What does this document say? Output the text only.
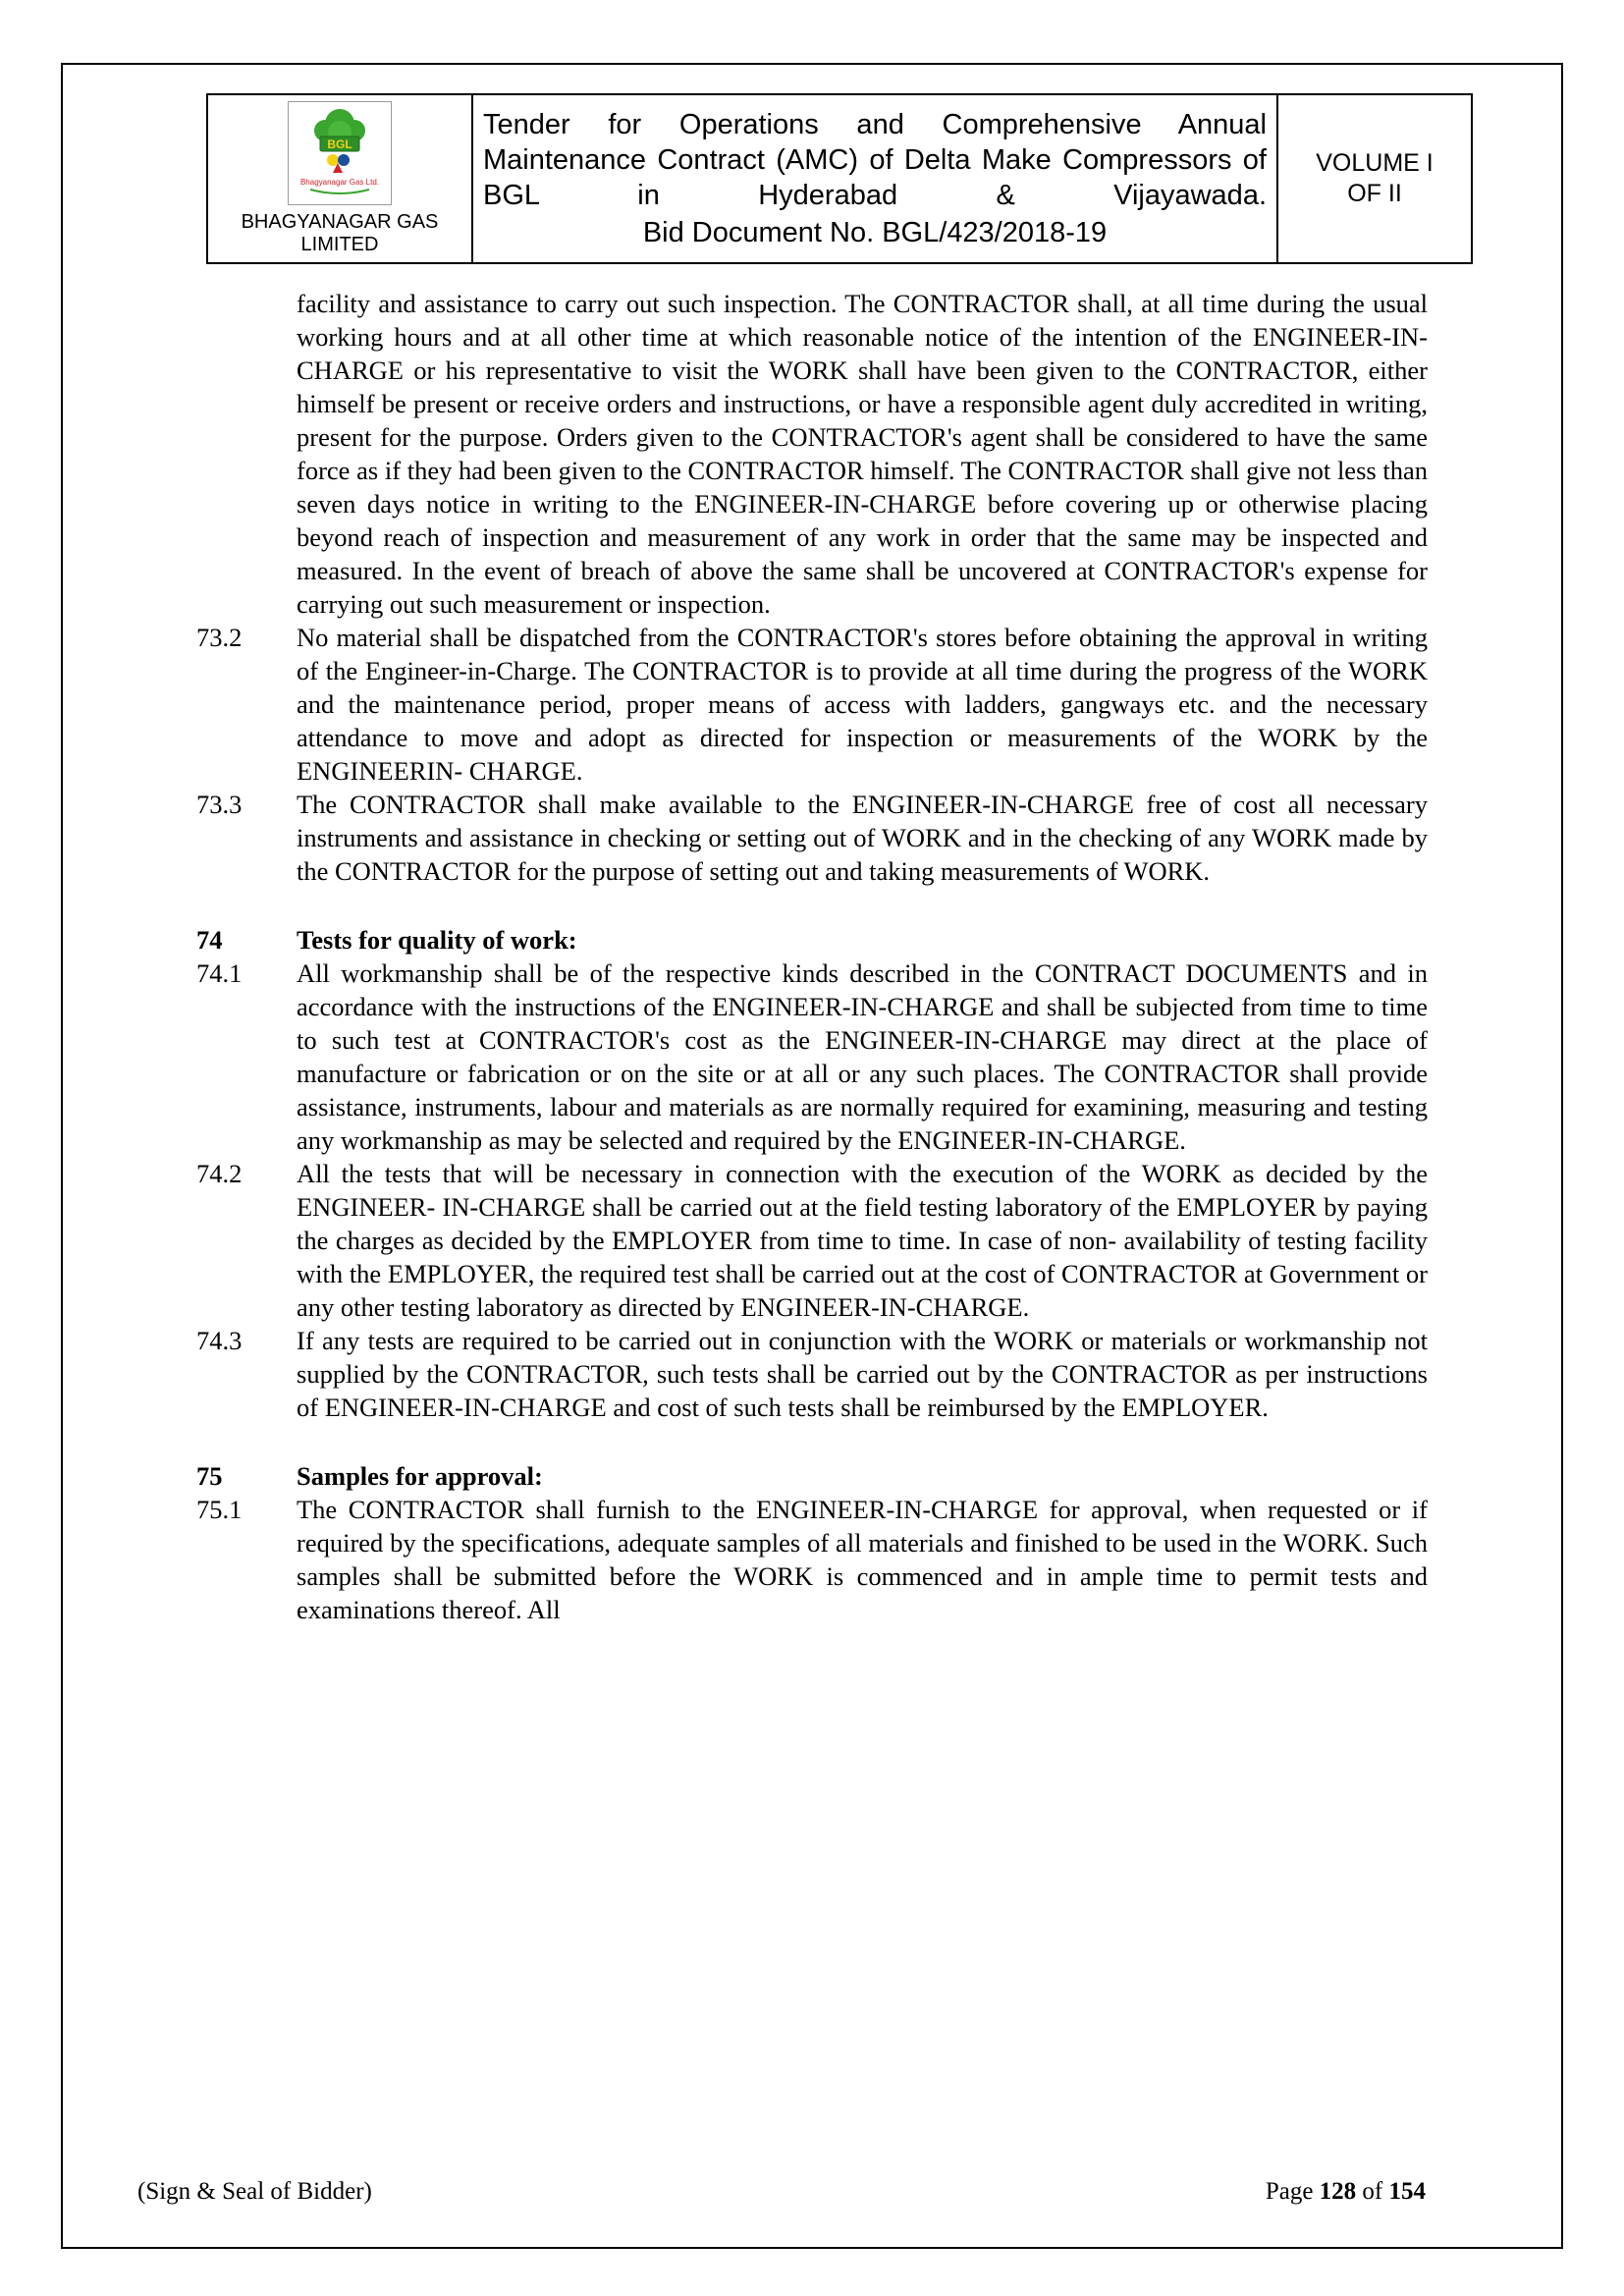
BGL
Bhagyanagar Gas Ltd.
BHAGYANAGAR GAS
LIMITED

Tender for Operations and Comprehensive Annual Maintenance Contract (AMC) of Delta Make Compressors of BGL in Hyderabad & Vijayawada.
Bid Document No. BGL/423/2018-19

VOLUME I
OF II
facility and assistance to carry out such inspection. The CONTRACTOR shall, at all time during the usual working hours and at all other time at which reasonable notice of the intention of the ENGINEER-IN- CHARGE or his representative to visit the WORK shall have been given to the CONTRACTOR, either himself be present or receive orders and instructions, or have a responsible agent duly accredited in writing, present for the purpose. Orders given to the CONTRACTOR's agent shall be considered to have the same force as if they had been given to the CONTRACTOR himself. The CONTRACTOR shall give not less than seven days notice in writing to the ENGINEER-IN-CHARGE before covering up or otherwise placing beyond reach of inspection and measurement of any work in order that the same may be inspected and measured. In the event of breach of above the same shall be uncovered at CONTRACTOR's expense for carrying out such measurement or inspection.
73.2	No material shall be dispatched from the CONTRACTOR's stores before obtaining the approval in writing of the Engineer-in-Charge. The CONTRACTOR is to provide at all time during the progress of the WORK and the maintenance period, proper means of access with ladders, gangways etc. and the necessary attendance to move and adopt as directed for inspection or measurements of the WORK by the ENGINEERIN- CHARGE.
73.3	The CONTRACTOR shall make available to the ENGINEER-IN-CHARGE free of cost all necessary instruments and assistance in checking or setting out of WORK and in the checking of any WORK made by the CONTRACTOR for the purpose of setting out and taking measurements of WORK.
74	Tests for quality of work:
74.1	All workmanship shall be of the respective kinds described in the CONTRACT DOCUMENTS and in accordance with the instructions of the ENGINEER-IN-CHARGE and shall be subjected from time to time to such test at CONTRACTOR's cost as the ENGINEER-IN-CHARGE may direct at the place of manufacture or fabrication or on the site or at all or any such places. The CONTRACTOR shall provide assistance, instruments, labour and materials as are normally required for examining, measuring and testing any workmanship as may be selected and required by the ENGINEER-IN-CHARGE.
74.2	All the tests that will be necessary in connection with the execution of the WORK as decided by the ENGINEER- IN-CHARGE shall be carried out at the field testing laboratory of the EMPLOYER by paying the charges as decided by the EMPLOYER from time to time. In case of non- availability of testing facility with the EMPLOYER, the required test shall be carried out at the cost of CONTRACTOR at Government or any other testing laboratory as directed by ENGINEER-IN-CHARGE.
74.3	If any tests are required to be carried out in conjunction with the WORK or materials or workmanship not supplied by the CONTRACTOR, such tests shall be carried out by the CONTRACTOR as per instructions of ENGINEER-IN-CHARGE and cost of such tests shall be reimbursed by the EMPLOYER.
75	Samples for approval:
75.1	The CONTRACTOR shall furnish to the ENGINEER-IN-CHARGE for approval, when requested or if required by the specifications, adequate samples of all materials and finished to be used in the WORK. Such samples shall be submitted before the WORK is commenced and in ample time to permit tests and examinations thereof. All
(Sign & Seal of Bidder)	Page 128 of 154
